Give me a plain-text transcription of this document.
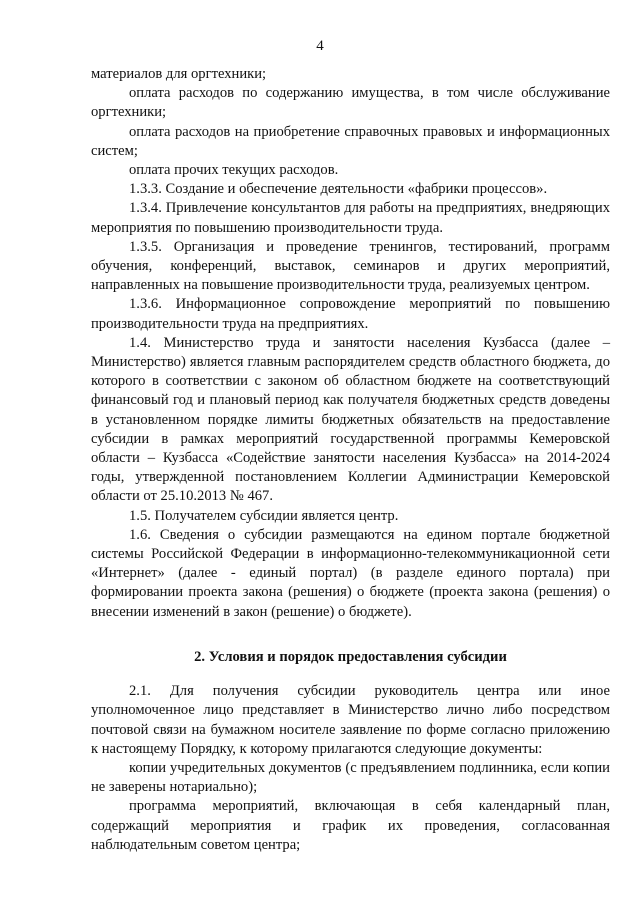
4

материалов для оргтехники;

оплата расходов по содержанию имущества, в том числе обслуживание оргтехники;

оплата расходов на приобретение справочных правовых и информационных систем;

оплата прочих текущих расходов.

1.3.3. Создание и обеспечение деятельности «фабрики процессов».

1.3.4. Привлечение консультантов для работы на предприятиях, внедряющих мероприятия по повышению производительности труда.

1.3.5. Организация и проведение тренингов, тестирований, программ обучения, конференций, выставок, семинаров и других мероприятий, направленных на повышение производительности труда, реализуемых центром.

1.3.6. Информационное сопровождение мероприятий по повышению производительности труда на предприятиях.

1.4. Министерство труда и занятости населения Кузбасса (далее – Министерство) является главным распорядителем средств областного бюджета, до которого в соответствии с законом об областном бюджете на соответствующий финансовый год и плановый период как получателя бюджетных средств доведены в установленном порядке лимиты бюджетных обязательств на предоставление субсидии в рамках мероприятий государственной программы Кемеровской области – Кузбасса «Содействие занятости населения Кузбасса» на 2014-2024 годы, утвержденной постановлением Коллегии Администрации Кемеровской области от 25.10.2013 № 467.

1.5. Получателем субсидии является центр.

1.6. Сведения о субсидии размещаются на едином портале бюджетной системы Российской Федерации в информационно-телекоммуникационной сети «Интернет» (далее - единый портал) (в разделе единого портала) при формировании проекта закона (решения) о бюджете (проекта закона (решения) о внесении изменений в закон (решение) о бюджете).

2. Условия и порядок предоставления субсидии

2.1. Для получения субсидии руководитель центра или иное уполномоченное лицо представляет в Министерство лично либо посредством почтовой связи на бумажном носителе заявление по форме согласно приложению к настоящему Порядку, к которому прилагаются следующие документы:

копии учредительных документов (с предъявлением подлинника, если копии не заверены нотариально);

программа мероприятий, включающая в себя календарный план, содержащий мероприятия и график их проведения, согласованная наблюдательным советом центра;
